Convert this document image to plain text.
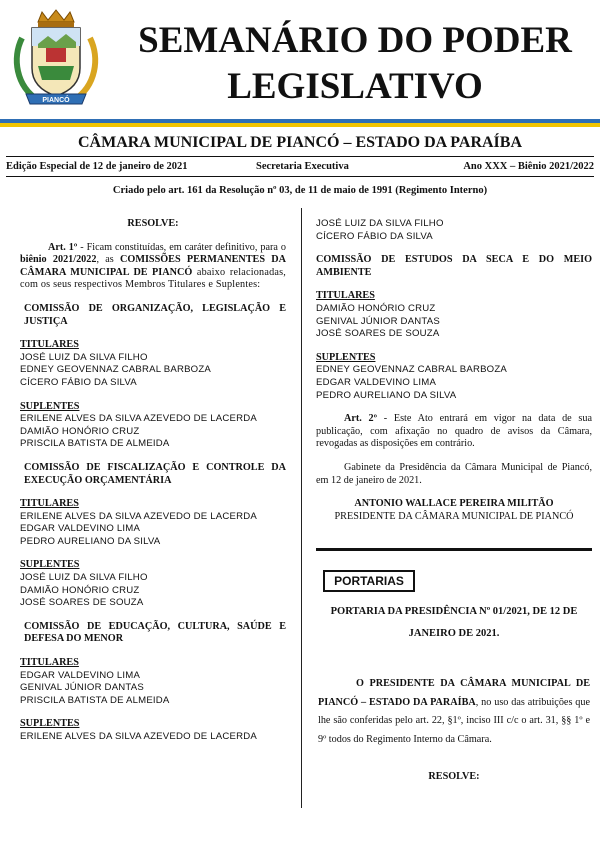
PIANCÓ
SEMANÁRIO DO PODER
LEGISLATIVO
CÂMARA MUNICIPAL DE PIANCÓ – ESTADO DA PARAÍBA
Edição Especial de 12 de janeiro de 2021	Secretaria Executiva	Ano XXX – Biênio 2021/2022
Criado pelo art. 161 da Resolução nº 03, de 11 de maio de 1991 (Regimento Interno)
RESOLVE:
Art. 1º - Ficam constituídas, em caráter definitivo, para o biênio 2021/2022, as COMISSÕES PERMANENTES DA CÂMARA MUNICIPAL DE PIANCÓ abaixo relacionadas, com os seus respectivos Membros Titulares e Suplentes:
COMISSÃO DE ORGANIZAÇÃO, LEGISLAÇÃO E JUSTIÇA
TITULARES
JOSÉ LUIZ DA SILVA FILHO
EDNEY GEOVENNAZ CABRAL BARBOZA
CÍCERO FÁBIO DA SILVA
SUPLENTES
ERILENE ALVES DA SILVA AZEVEDO DE LACERDA
DAMIÃO HONÓRIO CRUZ
PRISCILA BATISTA DE ALMEIDA
COMISSÃO DE FISCALIZAÇÃO E CONTROLE DA EXECUÇÃO ORÇAMENTÁRIA
TITULARES
ERILENE ALVES DA SILVA AZEVEDO DE LACERDA
EDGAR VALDEVINO LIMA
PEDRO AURELIANO DA SILVA
SUPLENTES
JOSÉ LUIZ DA SILVA FILHO
DAMIÃO HONÓRIO CRUZ
JOSÉ SOARES DE SOUZA
COMISSÃO DE EDUCAÇÃO, CULTURA, SAÚDE E DEFESA DO MENOR
TITULARES
EDGAR VALDEVINO LIMA
GENIVAL JÚNIOR DANTAS
PRISCILA BATISTA DE ALMEIDA
SUPLENTES
ERILENE ALVES DA SILVA AZEVEDO DE LACERDA
JOSÉ LUIZ DA SILVA FILHO
CÍCERO FÁBIO DA SILVA
COMISSÃO DE ESTUDOS DA SECA E DO MEIO AMBIENTE
TITULARES
DAMIÃO HONÓRIO CRUZ
GENIVAL JÚNIOR DANTAS
JOSÉ SOARES DE SOUZA
SUPLENTES
EDNEY GEOVENNAZ CABRAL BARBOZA
EDGAR VALDEVINO LIMA
PEDRO AURELIANO DA SILVA
Art. 2º - Este Ato entrará em vigor na data de sua publicação, com afixação no quadro de avisos da Câmara, revogadas as disposições em contrário.
Gabinete da Presidência da Câmara Municipal de Piancó, em 12 de janeiro de 2021.
ANTONIO WALLACE PEREIRA MILITÃO
PRESIDENTE DA CÂMARA MUNICIPAL DE PIANCÓ
PORTARIAS
PORTARIA DA PRESIDÊNCIA Nº 01/2021, DE 12 DE JANEIRO DE 2021.
O PRESIDENTE DA CÂMARA MUNICIPAL DE PIANCÓ – ESTADO DA PARAÍBA, no uso das atribuições que lhe são conferidas pelo art. 22, §1º, inciso III c/c o art. 31, §§ 1º e 9º todos do Regimento Interno da Câmara.
RESOLVE:
